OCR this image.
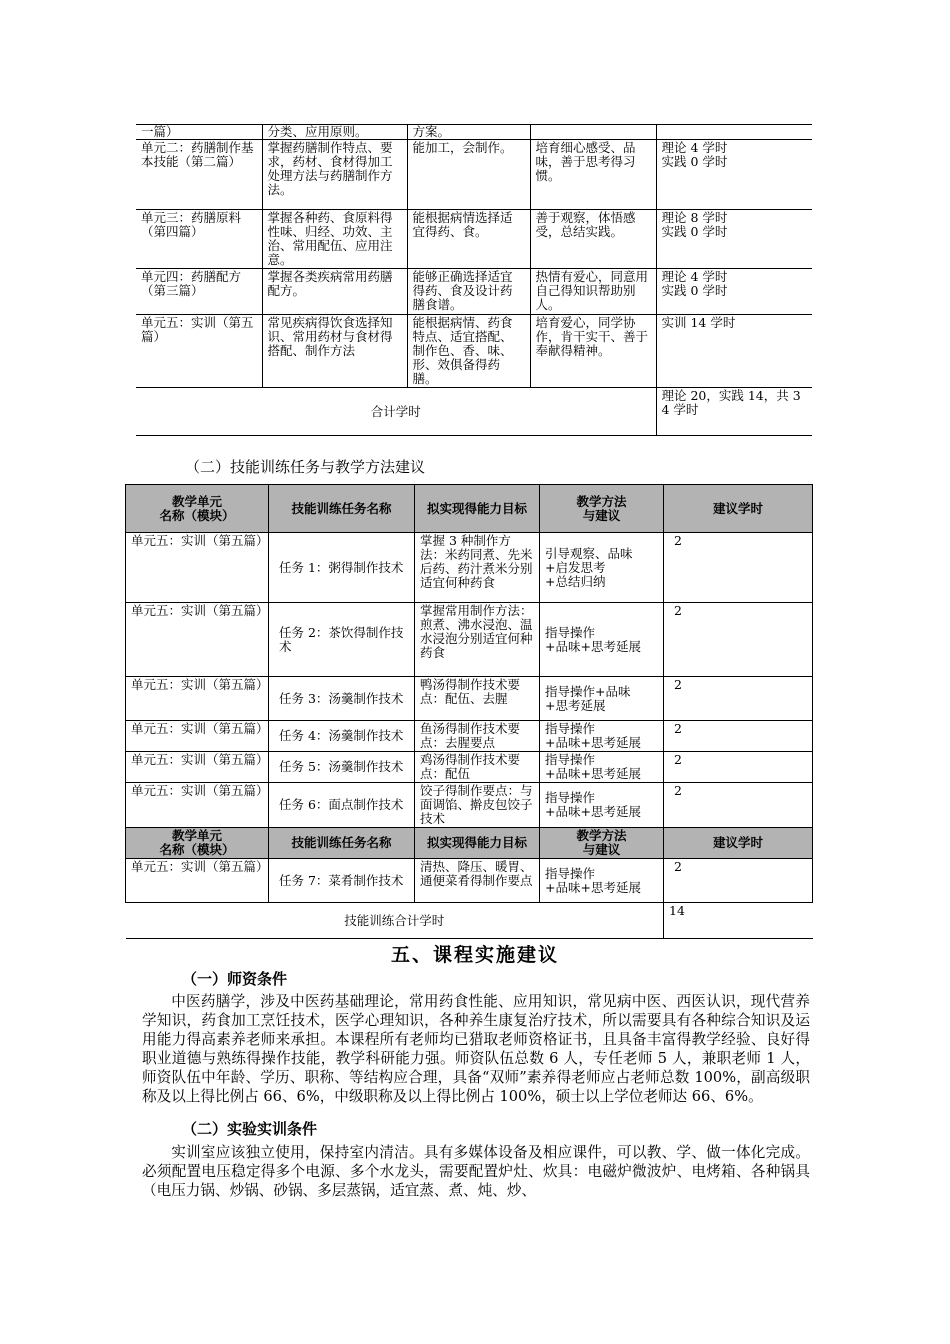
一篇）	分类、应用原则。	方案。		
单元二：药膳制作基本技能（第二篇）	掌握药膳制作特点、要求，药材、食材得加工处理方法与药膳制作方法。	能加工，会制作。	培育细心感受、品味，善于思考得习惯。	理论 4 学时
实践 0 学时
单元三：药膳原料（第四篇）	掌握各种药、食原料得性味、归经、功效、主治、常用配伍、应用注意。	能根据病情选择适宜得药、食。	善于观察，体悟感受，总结实践。	理论 8 学时
实践 0 学时
单元四：药膳配方（第三篇）	掌握各类疾病常用药膳配方。	能够正确选择适宜得药、食及设计药膳食谱。	热情有爱心，同意用自己得知识帮助别人。	理论 4 学时
实践 0 学时
单元五：实训（第五篇）	常见疾病得饮食选择知识、常用药材与食材得搭配、制作方法	能根据病情、药食特点、适宜搭配、制作色、香、味、形、效俱备得药膳。	培育爱心，同学协作，肯干实干、善于奉献得精神。	实训 14 学时
合计学时				理论 20，实践 14，共 34 学时
（二）技能训练任务与教学方法建议
教学单元
名称（模块）	技能训练任务名称	拟实现得能力目标	教学方法
与建议	建议学时
单元五：实训（第五篇）	任务 1：粥得制作技术	掌握 3 种制作方法：米药同煮、先米后药、药汁煮米分别适宜何种药食	引导观察、品味
+启发思考
+总结归纳	2
单元五：实训（第五篇）	任务 2：茶饮得制作技术	掌握常用制作方法：煎煮、沸水浸泡、温水浸泡分别适宜何种药食	指导操作
+品味+思考延展	2
单元五：实训（第五篇）	任务 3：汤羹制作技术	鸭汤得制作技术要点：配伍、去腥	指导操作+品味
+思考延展	2
单元五：实训（第五篇）	任务 4：汤羹制作技术	鱼汤得制作技术要点：去腥要点	指导操作
+品味+思考延展	2
单元五：实训（第五篇）	任务 5：汤羹制作技术	鸡汤得制作技术要点：配伍	指导操作
+品味+思考延展	2
单元五：实训（第五篇）	任务 6：面点制作技术	饺子得制作要点：与面调馅、擀皮包饺子技术	指导操作
+品味+思考延展	2
教学单元
名称（模块）	技能训练任务名称	拟实现得能力目标	教学方法
与建议	建议学时
单元五：实训（第五篇）	任务 7：菜肴制作技术	清热、降压、暖胃、通便菜肴得制作要点	指导操作
+品味+思考延展	2
技能训练合计学时				14
五、课程实施建议
（一）师资条件

中医药膳学，涉及中医药基础理论，常用药食性能、应用知识，常见病中医、西医认识，现代营养学知识，药食加工烹饪技术，医学心理知识，各种养生康复治疗技术，所以需要具有各种综合知识及运用能力得高素养老师来承担。本课程所有老师均已猎取老师资格证书，且具备丰富得教学经验、良好得职业道德与熟练得操作技能，教学科研能力强。师资队伍总数 6 人，专任老师 5 人，兼职老师 1 人，师资队伍中年龄、学历、职称、等结构应合理，具备“双师”素养得老师应占老师总数 100%，副高级职称及以上得比例占 66、6%，中级职称及以上得比例占 100%，硕士以上学位老师达 66、6%。

（二）实验实训条件

实训室应该独立使用，保持室内清洁。具有多媒体设备及相应课件，可以教、学、做一体化完成。必须配置电压稳定得多个电源、多个水龙头，需要配置炉灶、炊具：电磁炉微波炉、电烤箱、各种锅具（电压力锅、炒锅、砂锅、多层蒸锅，适宜蒸、煮、炖、炒、
